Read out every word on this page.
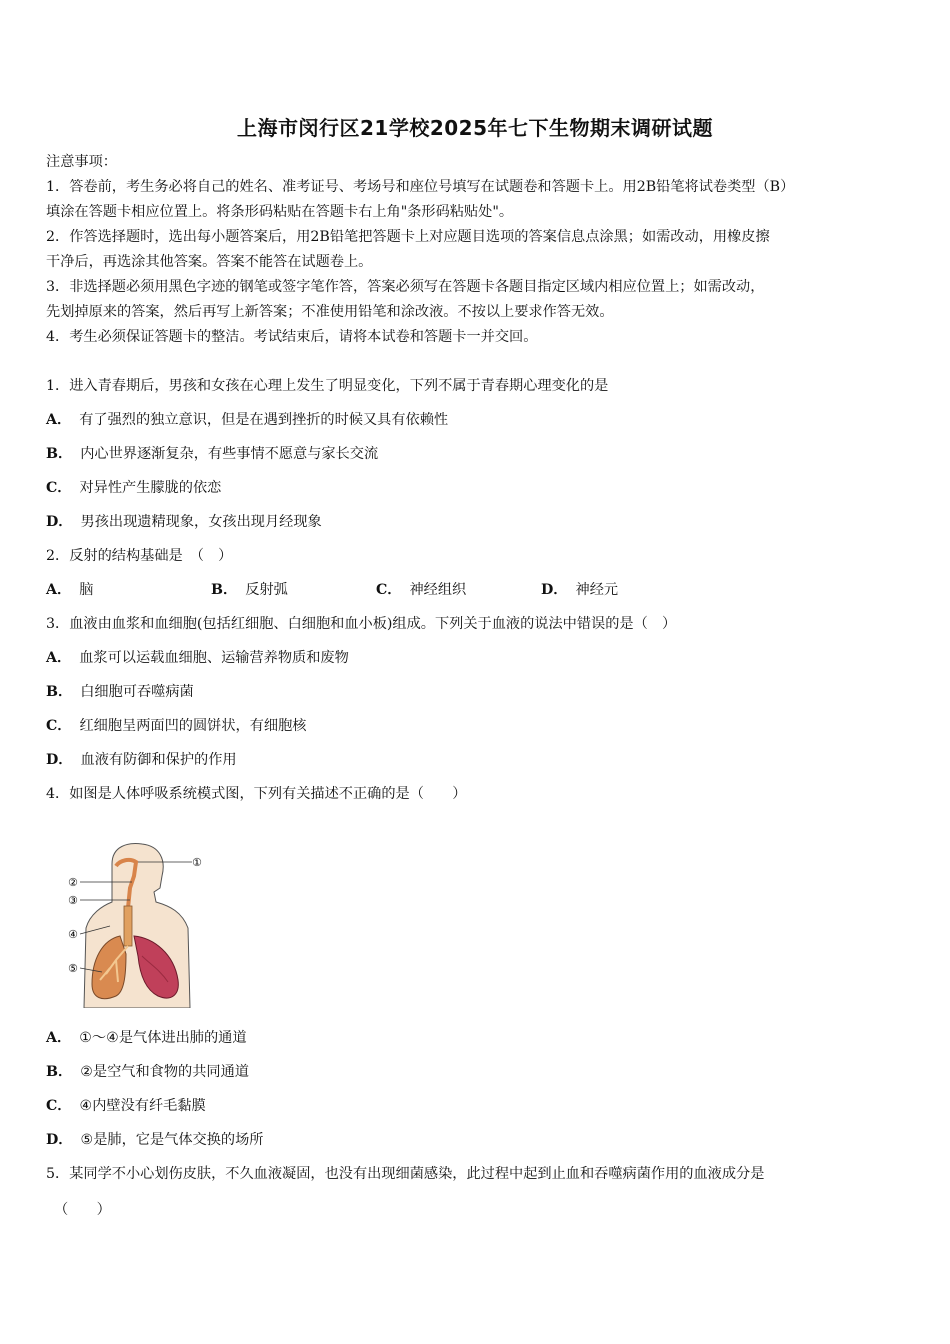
上海市闵行区21学校2025年七下生物期末调研试题

注意事项：

1．答卷前，考生务必将自己的姓名、准考证号、考场号和座位号填写在试题卷和答题卡上。用2B铅笔将试卷类型（B）

填涂在答题卡相应位置上。将条形码粘贴在答题卡右上角"条形码粘贴处"。

2．作答选择题时，选出每小题答案后，用2B铅笔把答题卡上对应题目选项的答案信息点涂黑；如需改动，用橡皮擦

干净后，再选涂其他答案。答案不能答在试题卷上。

3．非选择题必须用黑色字迹的钢笔或签字笔作答，答案必须写在答题卡各题目指定区域内相应位置上；如需改动，

先划掉原来的答案，然后再写上新答案；不准使用铅笔和涂改液。不按以上要求作答无效。

4．考生必须保证答题卡的整洁。考试结束后，请将本试卷和答题卡一并交回。

1．进入青春期后，男孩和女孩在心理上发生了明显变化，下列不属于青春期心理变化的是
A． 有了强烈的独立意识，但是在遇到挫折的时候又具有依赖性
B． 内心世界逐渐复杂，有些事情不愿意与家长交流
C． 对异性产生朦胧的依恋
D． 男孩出现遗精现象，女孩出现月经现象
2．反射的结构基础是　（　）
A． 脑	B． 反射弧	C． 神经组织	D． 神经元
3．血液由血浆和血细胞(包括红细胞、白细胞和血小板)组成。下列关于血液的说法中错误的是（　）
A． 血浆可以运载血细胞、运输营养物质和废物
B． 白细胞可吞噬病菌
C． 红细胞呈两面凹的圆饼状，有细胞核
D． 血液有防御和保护的作用
4．如图是人体呼吸系统模式图，下列有关描述不正确的是（　　）
①
②
③
④
⑤
A． ①～④是气体进出肺的通道
B． ②是空气和食物的共同通道
C． ④内壁没有纤毛黏膜
D． ⑤是肺，它是气体交换的场所
5．某同学不小心划伤皮肤，不久血液凝固，也没有出现细菌感染，此过程中起到止血和吞噬病菌作用的血液成分是
（　　）
